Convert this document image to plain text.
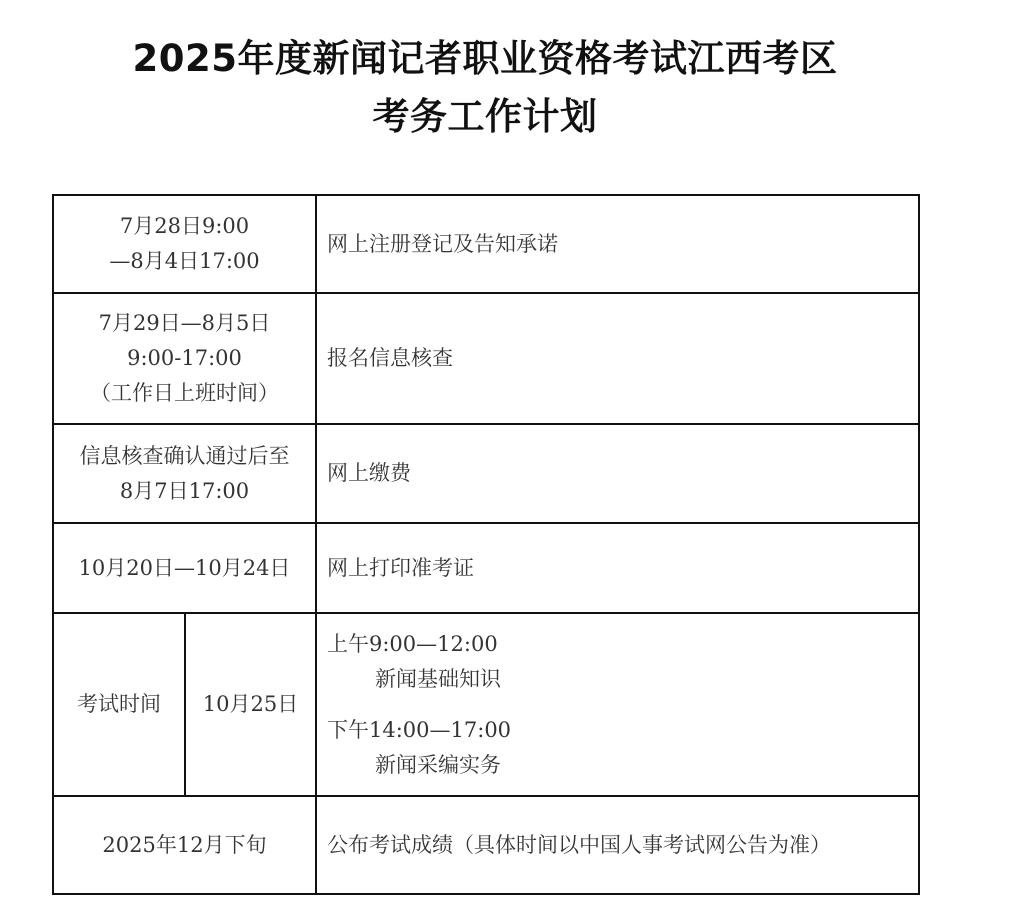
2025年度新闻记者职业资格考试江西考区
考务工作计划
7月28日9:00
—8月4日17:00		网上注册登记及告知承诺

7月29日—8月5日
9:00-17:00
（工作日上班时间）		报名信息核查

信息核查确认通过后至
8月7日17:00		网上缴费

10月20日—10月24日		网上打印准考证
考试时间	10月25日	上午9:00—12:00
新闻基础知识
下午14:00—17:00
新闻采编实务

2025年12月下旬		公布考试成绩（具体时间以中国人事考试网公告为准）
